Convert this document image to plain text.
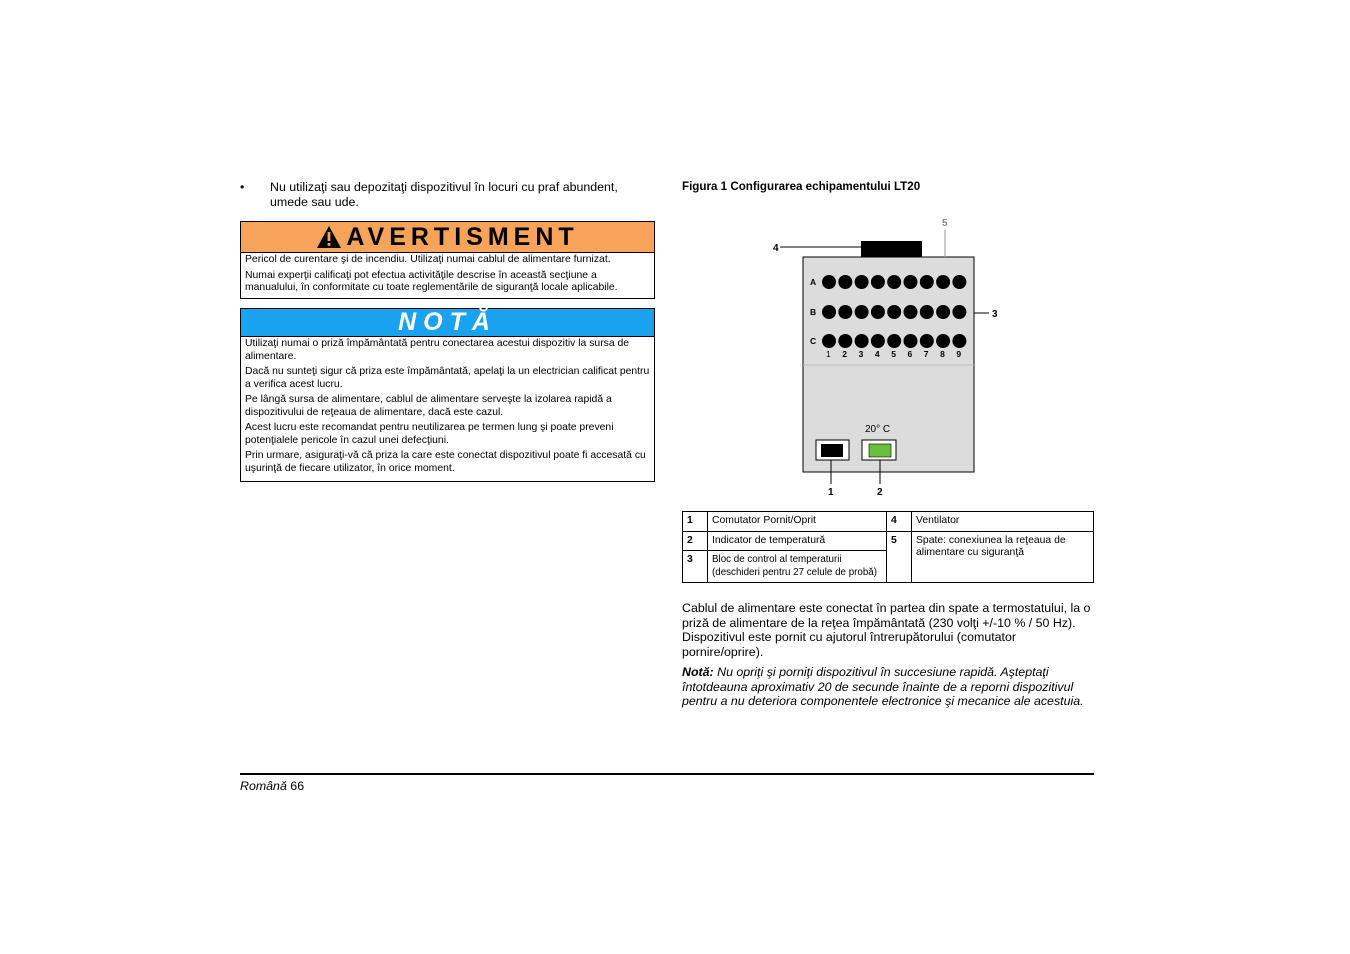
• Nu utilizaţi sau depozitaţi dispozitivul în locuri cu praf abundent,
umede sau ude.
AVERTISMENT

Pericol de curentare şi de incendiu. Utilizaţi numai cablul de alimentare furnizat.

Numai experţii calificaţi pot efectua activităţile descrise în această secţiune a manualului, în conformitate cu toate reglementările de siguranţă locale aplicabile.

NOTĂ

Utilizaţi numai o priză împământată pentru conectarea acestui dispozitiv la sursa de alimentare.

Dacă nu sunteţi sigur că priza este împământată, apelaţi la un electrician calificat pentru a verifica acest lucru.

Pe lângă sursa de alimentare, cablul de alimentare serveşte la izolarea rapidă a dispozitivului de reţeaua de alimentare, dacă este cazul.

Acest lucru este recomandat pentru neutilizarea pe termen lung şi poate preveni potenţialele pericole în cazul unei defecţiuni.

Prin urmare, asiguraţi-vă că priza la care este conectat dispozitivul poate fi accesată cu uşurinţă de fiecare utilizator, în orice moment.

Figura 1 Configurarea echipamentului LT20
4
5
3
A
B
C
1 2 3 4 5 6 7 8 9
20° C
1	2
1	Comutator Pornit/Oprit	4	Ventilator
2	Indicator de temperatură	5	Spate: conexiunea la reţeaua de alimentare cu siguranţă
3	Bloc de control al temperaturii (deschideri pentru 27 celule de probă)		
Cablul de alimentare este conectat în partea din spate a termostatului, la o priză de alimentare de la reţea împământată (230 volţi +/-10 % / 50 Hz). Dispozitivul este pornit cu ajutorul întrerupătorului (comutator pornire/oprire).
Notă: Nu opriţi şi porniţi dispozitivul în succesiune rapidă. Aşteptaţi întotdeauna aproximativ 20 de secunde înainte de a reporni dispozitivul pentru a nu deteriora componentele electronice şi mecanice ale acestuia.
Română 66
